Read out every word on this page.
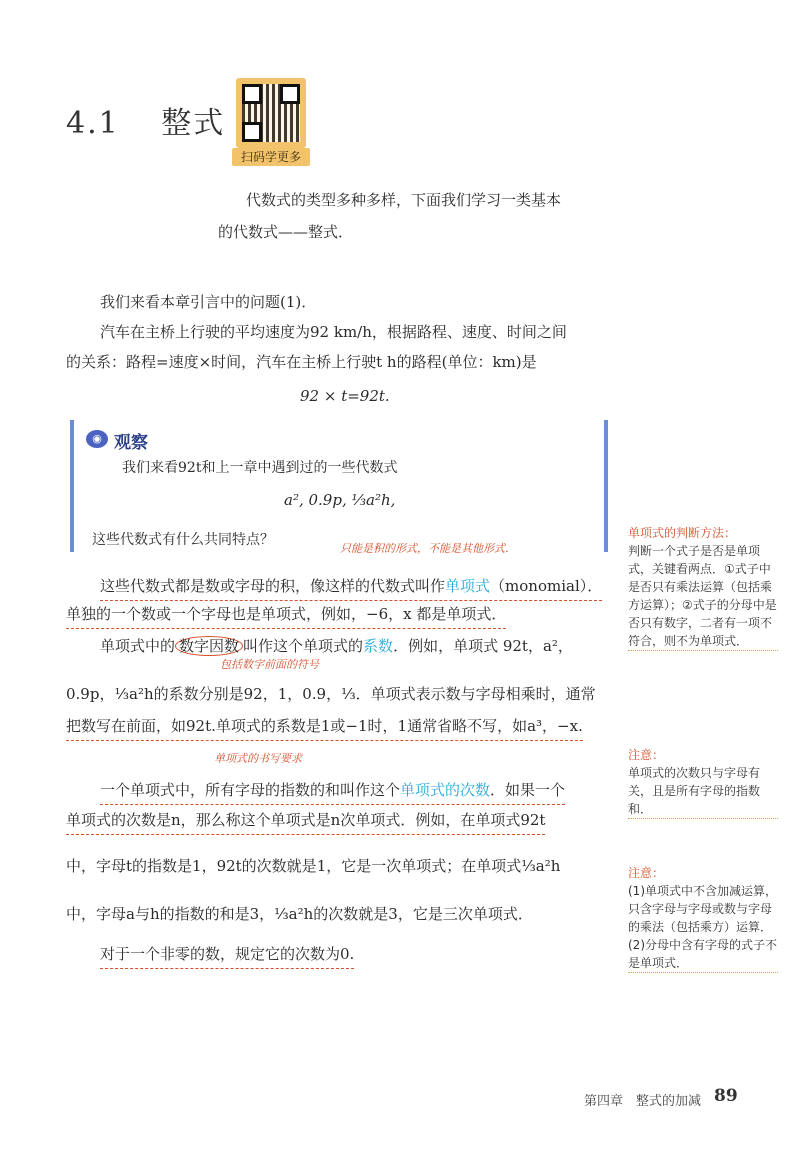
4.1 整式
扫码学更多
代数式的类型多种多样，下面我们学习一类基本
的代数式——整式．
我们来看本章引言中的问题(1)．
汽车在主桥上行驶的平均速度为92 km/h，根据路程、速度、时间之间
的关系：路程=速度×时间，汽车在主桥上行驶t h的路程(单位：km)是
92 × t=92t.
◉ 观察
我们来看92t和上一章中遇到过的一些代数式
a², 0.9p, ⅓a²h,
这些代数式有什么共同特点？
只能是积的形式，不能是其他形式．
包括数字前面的符号
单项式的书写要求
这些代数式都是数或字母的积，像这样的代数式叫作单项式（monomial）．
单独的一个数或一个字母也是单项式，例如，−6，x 都是单项式．
单项式中的 数字因数 叫作这个单项式的系数．例如，单项式 92t，a²，
0.9p，⅓a²h的系数分别是92，1，0.9，⅓．单项式表示数与字母相乘时，通常
把数写在前面，如92t.单项式的系数是1或−1时，1通常省略不写，如a³，−x.
一个单项式中，所有字母的指数的和叫作这个单项式的次数．如果一个
单项式的次数是n，那么称这个单项式是n次单项式．例如，在单项式92t
中，字母t的指数是1，92t的次数就是1，它是一次单项式；在单项式⅓a²h
中，字母a与h的指数的和是3，⅓a²h的次数就是3，它是三次单项式．
对于一个非零的数，规定它的次数为0.
单项式的判断方法：
判断一个式子是否是单项式，关键看两点．①式子中是否只有乘法运算（包括乘方运算）；②式子的分母中是否只有数字，二者有一项不符合，则不为单项式．
注意：
单项式的次数只与字母有关，且是所有字母的指数和．
注意：
(1)单项式中不含加减运算，只含字母与字母或数与字母的乘法（包括乘方）运算．(2)分母中含有字母的式子不是单项式．
第四章　整式的加减 89
